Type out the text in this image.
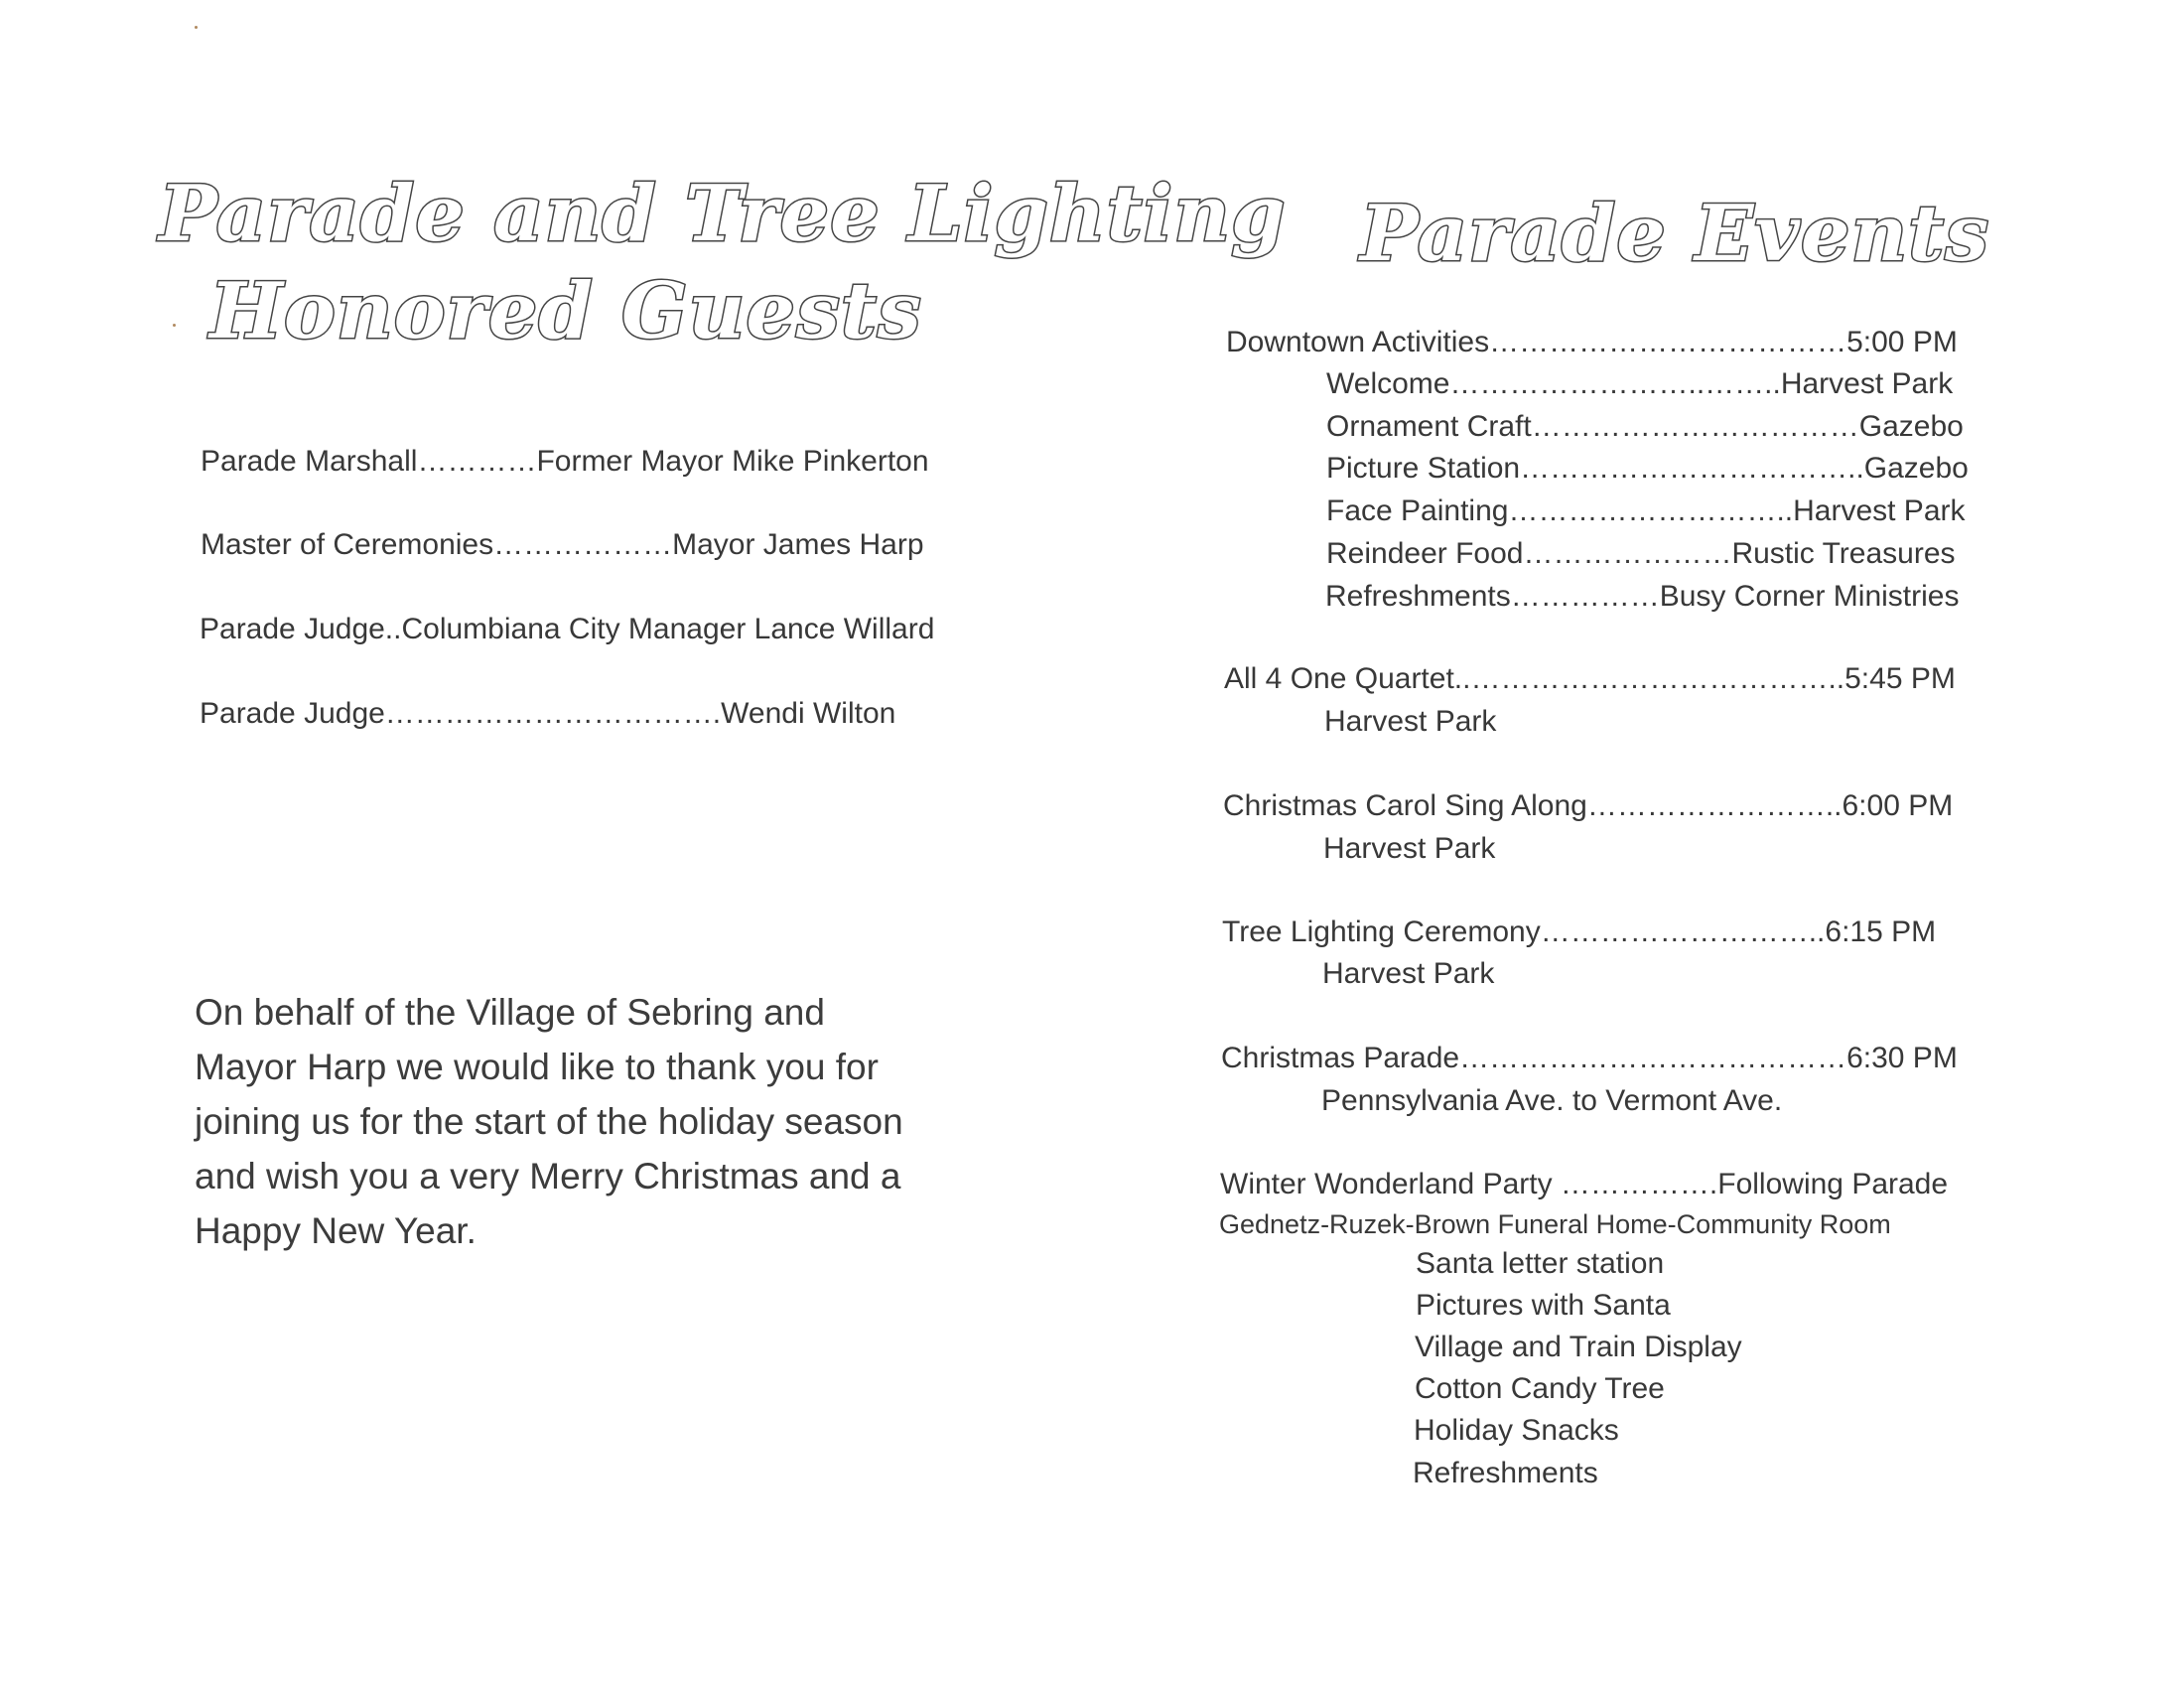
Parade and Tree Lighting
Honored Guests
Parade Marshall…………Former Mayor Mike Pinkerton
Master of Ceremonies………………Mayor James Harp
Parade Judge..Columbiana City Manager Lance Willard
Parade Judge…………………………….Wendi Wilton
On behalf of the Village of Sebring and
Mayor Harp we would like to thank you for
joining us for the start of the holiday season
and wish you a very Merry Christmas and a
Happy New Year.
Parade Events
Downtown Activities………………………………5:00 PM
Welcome……………………..……..Harvest Park
Ornament Craft……………………………Gazebo
Picture Station……………………………..Gazebo
Face Painting………………………..Harvest Park
Reindeer Food…………………Rustic Treasures
Refreshments……………Busy Corner Ministries
All 4 One Quartet..………………………………..5:45 PM
Harvest Park
Christmas Carol Sing Along……………………..6:00 PM
Harvest Park
Tree Lighting Ceremony………………………..6:15 PM
Harvest Park
Christmas Parade…………………………………6:30 PM
Pennsylvania Ave. to Vermont Ave.
Winter Wonderland Party …………….Following Parade
Gednetz-Ruzek-Brown Funeral Home-Community Room
Santa letter station
Pictures with Santa
Village and Train Display
Cotton Candy Tree
Holiday Snacks
Refreshments
